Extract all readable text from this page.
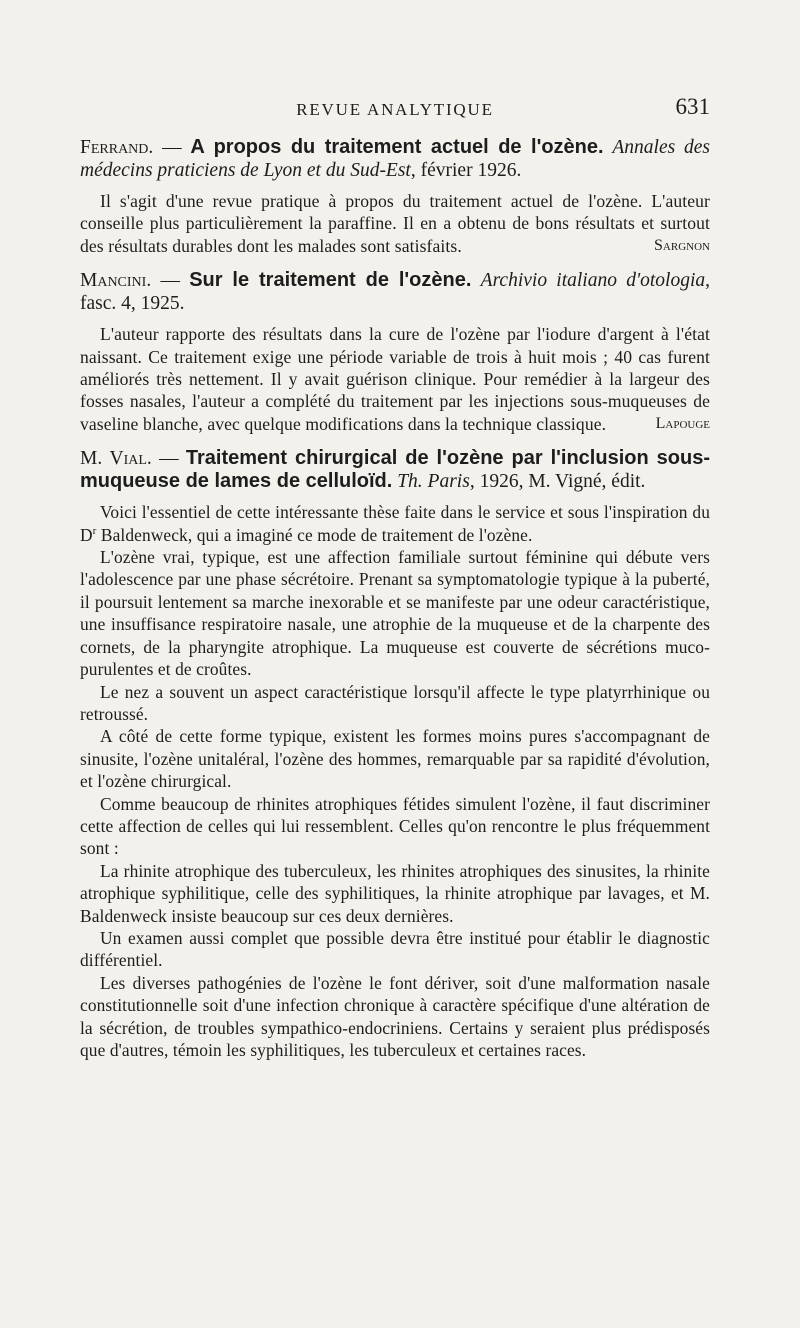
REVUE ANALYTIQUE	631
Ferrand. — A propos du traitement actuel de l'ozène. Annales des médecins praticiens de Lyon et du Sud-Est, février 1926.

Il s'agit d'une revue pratique à propos du traitement actuel de l'ozène. L'auteur conseille plus particulièrement la paraffine. Il en a obtenu de bons résultats et surtout des résultats durables dont les malades sont satisfaits.	Sargnon
Mancini. — Sur le traitement de l'ozène. Archivio italiano d'otologia, fasc. 4, 1925.

L'auteur rapporte des résultats dans la cure de l'ozène par l'iodure d'argent à l'état naissant. Ce traitement exige une période variable de trois à huit mois ; 40 cas furent améliorés très nettement. Il y avait guérison clinique. Pour remédier à la largeur des fosses nasales, l'auteur a complété du traitement par les injections sous-muqueuses de vaseline blanche, avec quelque modifications dans la technique classique.	Lapouge
M. Vial. — Traitement chirurgical de l'ozène par l'inclusion sous-muqueuse de lames de celluloïd. Th. Paris, 1926, M. Vigné, édit.

Voici l'essentiel de cette intéressante thèse faite dans le service et sous l'inspiration du $D^r$ Baldenweck, qui a imaginé ce mode de traitement de l'ozène.

L'ozène vrai, typique, est une affection familiale surtout féminine qui débute vers l'adolescence par une phase sécrétoire. Prenant sa symptomatologie typique à la puberté, il poursuit lentement sa marche inexorable et se manifeste par une odeur caractéristique, une insuffisance respiratoire nasale, une atrophie de la muqueuse et de la charpente des cornets, de la pharyngite atrophique. La muqueuse est couverte de sécrétions muco-purulentes et de croûtes.

Le nez a souvent un aspect caractéristique lorsqu'il affecte le type platyrrhinique ou retroussé.

A côté de cette forme typique, existent les formes moins pures s'accompagnant de sinusite, l'ozène unitaléral, l'ozène des hommes, remarquable par sa rapidité d'évolution, et l'ozène chirurgical.

Comme beaucoup de rhinites atrophiques fétides simulent l'ozène, il faut discriminer cette affection de celles qui lui ressemblent. Celles qu'on rencontre le plus fréquemment sont :

La rhinite atrophique des tuberculeux, les rhinites atrophiques des sinusites, la rhinite atrophique syphilitique, celle des syphilitiques, la rhinite atrophique par lavages, et M. Baldenweck insiste beaucoup sur ces deux dernières.

Un examen aussi complet que possible devra être institué pour établir le diagnostic différentiel.

Les diverses pathogénies de l'ozène le font dériver, soit d'une malformation nasale constitutionnelle soit d'une infection chronique à caractère spécifique d'une altération de la sécrétion, de troubles sympathico-endocriniens. Certains y seraient plus prédisposés que d'autres, témoin les syphilitiques, les tuberculeux et certaines races.
